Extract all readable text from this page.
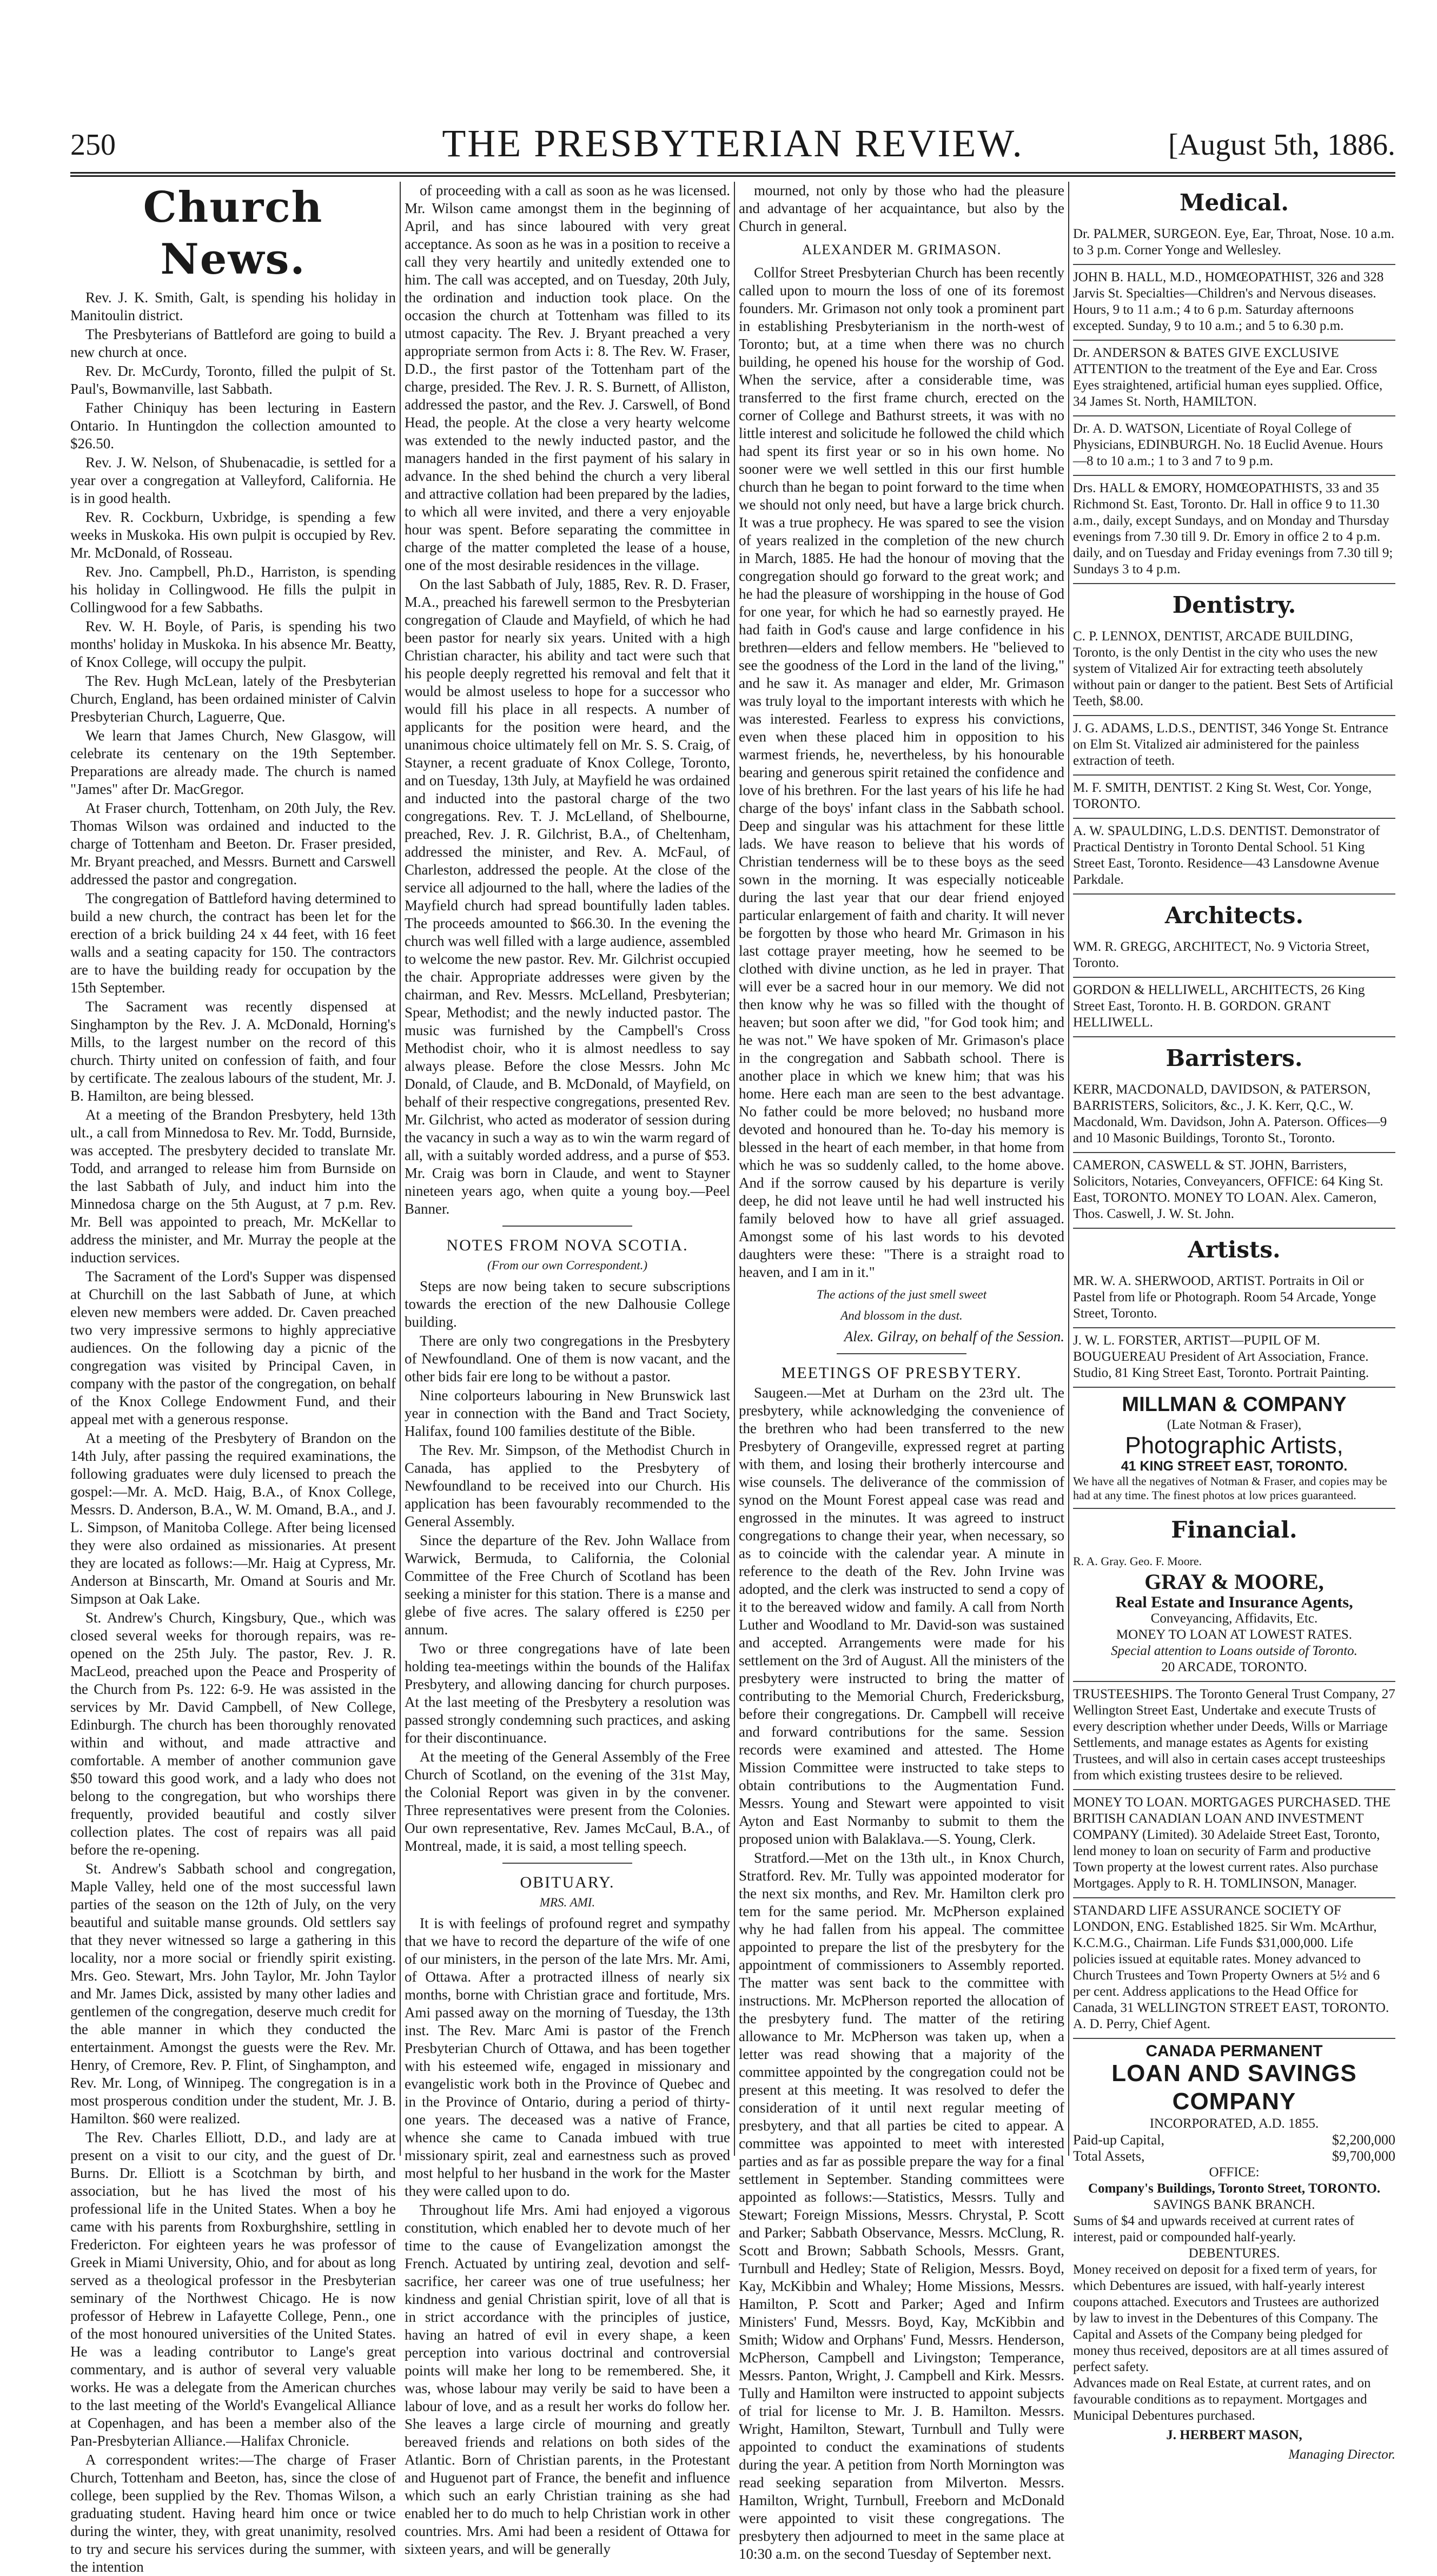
250	THE PRESBYTERIAN REVIEW.	[August 5th, 1886.
Church News.

Rev. J. K. Smith, Galt, is spending his holiday in Manitoulin district.

The Presbyterians of Battleford are going to build a new church at once.

Rev. Dr. McCurdy, Toronto, filled the pulpit of St. Paul's, Bowmanville, last Sabbath.

Father Chiniquy has been lecturing in Eastern Ontario. In Huntingdon the collection amounted to $26.50.

Rev. J. W. Nelson, of Shubenacadie, is settled for a year over a congregation at Valleyford, California. He is in good health.

Rev. R. Cockburn, Uxbridge, is spending a few weeks in Muskoka. His own pulpit is occupied by Rev. Mr. McDonald, of Rosseau.

Rev. Jno. Campbell, Ph.D., Harriston, is spending his holiday in Collingwood. He fills the pulpit in Collingwood for a few Sabbaths.

Rev. W. H. Boyle, of Paris, is spending his two months' holiday in Muskoka. In his absence Mr. Beatty, of Knox College, will occupy the pulpit.

The Rev. Hugh McLean, lately of the Presbyterian Church, England, has been ordained minister of Calvin Presbyterian Church, Laguerre, Que.

We learn that James Church, New Glasgow, will celebrate its centenary on the 19th September. Preparations are already made. The church is named "James" after Dr. MacGregor.

At Fraser church, Tottenham, on 20th July, the Rev. Thomas Wilson was ordained and inducted to the charge of Tottenham and Beeton. Dr. Fraser presided, Mr. Bryant preached, and Messrs. Burnett and Carswell addressed the pastor and congregation.

The congregation of Battleford having determined to build a new church, the contract has been let for the erection of a brick building 24 x 44 feet, with 16 feet walls and a seating capacity for 150. The contractors are to have the building ready for occupation by the 15th September.

The Sacrament was recently dispensed at Singhampton by the Rev. J. A. McDonald, Horning's Mills, to the largest number on the record of this church. Thirty united on confession of faith, and four by certificate. The zealous labours of the student, Mr. J. B. Hamilton, are being blessed.

At a meeting of the Brandon Presbytery, held 13th ult., a call from Minnedosa to Rev. Mr. Todd, Burnside, was accepted. The presbytery decided to translate Mr. Todd, and arranged to release him from Burnside on the last Sabbath of July, and induct him into the Minnedosa charge on the 5th August, at 7 p.m. Rev. Mr. Bell was appointed to preach, Mr. McKellar to address the minister, and Mr. Murray the people at the induction services.

The Sacrament of the Lord's Supper was dispensed at Churchill on the last Sabbath of June, at which eleven new members were added. Dr. Caven preached two very impressive sermons to highly appreciative audiences. On the following day a picnic of the congregation was visited by Principal Caven, in company with the pastor of the congregation, on behalf of the Knox College Endowment Fund, and their appeal met with a generous response.

At a meeting of the Presbytery of Brandon on the 14th July, after passing the required examinations, the following graduates were duly licensed to preach the gospel:—Mr. A. McD. Haig, B.A., of Knox College, Messrs. D. Anderson, B.A., W. M. Omand, B.A., and J. L. Simpson, of Manitoba College. After being licensed they were also ordained as missionaries. At present they are located as follows:—Mr. Haig at Cypress, Mr. Anderson at Binscarth, Mr. Omand at Souris and Mr. Simpson at Oak Lake.

St. Andrew's Church, Kingsbury, Que., which was closed several weeks for thorough repairs, was re-opened on the 25th July. The pastor, Rev. J. R. MacLeod, preached upon the Peace and Prosperity of the Church from Ps. 122: 6-9. He was assisted in the services by Mr. David Campbell, of New College, Edinburgh. The church has been thoroughly renovated within and without, and made attractive and comfortable. A member of another communion gave $50 toward this good work, and a lady who does not belong to the congregation, but who worships there frequently, provided beautiful and costly silver collection plates. The cost of repairs was all paid before the re-opening.

St. Andrew's Sabbath school and congregation, Maple Valley, held one of the most successful lawn parties of the season on the 12th of July, on the very beautiful and suitable manse grounds. Old settlers say that they never witnessed so large a gathering in this locality, nor a more social or friendly spirit existing. Mrs. Geo. Stewart, Mrs. John Taylor, Mr. John Taylor and Mr. James Dick, assisted by many other ladies and gentlemen of the congregation, deserve much credit for the able manner in which they conducted the entertainment. Amongst the guests were the Rev. Mr. Henry, of Cremore, Rev. P. Flint, of Singhampton, and Rev. Mr. Long, of Winnipeg. The congregation is in a most prosperous condition under the student, Mr. J. B. Hamilton. $60 were realized.

The Rev. Charles Elliott, D.D., and lady are at present on a visit to our city, and the guest of Dr. Burns. Dr. Elliott is a Scotchman by birth, and association, but he has lived the most of his professional life in the United States. When a boy he came with his parents from Roxburghshire, settling in Fredericton. For eighteen years he was professor of Greek in Miami University, Ohio, and for about as long served as a theological professor in the Presbyterian seminary of the Northwest Chicago. He is now professor of Hebrew in Lafayette College, Penn., one of the most honoured universities of the United States. He was a leading contributor to Lange's great commentary, and is author of several very valuable works. He was a delegate from the American churches to the last meeting of the World's Evangelical Alliance at Copenhagen, and has been a member also of the Pan-Presbyterian Alliance.—Halifax Chronicle.

A correspondent writes:—The charge of Fraser Church, Tottenham and Beeton, has, since the close of college, been supplied by the Rev. Thomas Wilson, a graduating student. Having heard him once or twice during the winter, they, with great unanimity, resolved to try and secure his services during the summer, with the intention

of proceeding with a call as soon as he was licensed. Mr. Wilson came amongst them in the beginning of April, and has since laboured with very great acceptance. As soon as he was in a position to receive a call they very heartily and unitedly extended one to him. The call was accepted, and on Tuesday, 20th July, the ordination and induction took place. On the occasion the church at Tottenham was filled to its utmost capacity. The Rev. J. Bryant preached a very appropriate sermon from Acts i: 8. The Rev. W. Fraser, D.D., the first pastor of the Tottenham part of the charge, presided. The Rev. J. R. S. Burnett, of Alliston, addressed the pastor, and the Rev. J. Carswell, of Bond Head, the people. At the close a very hearty welcome was extended to the newly inducted pastor, and the managers handed in the first payment of his salary in advance. In the shed behind the church a very liberal and attractive collation had been prepared by the ladies, to which all were invited, and there a very enjoyable hour was spent. Before separating the committee in charge of the matter completed the lease of a house, one of the most desirable residences in the village.

On the last Sabbath of July, 1885, Rev. R. D. Fraser, M.A., preached his farewell sermon to the Presbyterian congregation of Claude and Mayfield, of which he had been pastor for nearly six years. United with a high Christian character, his ability and tact were such that his people deeply regretted his removal and felt that it would be almost useless to hope for a successor who would fill his place in all respects. A number of applicants for the position were heard, and the unanimous choice ultimately fell on Mr. S. S. Craig, of Stayner, a recent graduate of Knox College, Toronto, and on Tuesday, 13th July, at Mayfield he was ordained and inducted into the pastoral charge of the two congregations. Rev. T. J. McLelland, of Shelbourne, preached, Rev. J. R. Gilchrist, B.A., of Cheltenham, addressed the minister, and Rev. A. McFaul, of Charleston, addressed the people. At the close of the service all adjourned to the hall, where the ladies of the Mayfield church had spread bountifully laden tables. The proceeds amounted to $66.30. In the evening the church was well filled with a large audience, assembled to welcome the new pastor. Rev. Mr. Gilchrist occupied the chair. Appropriate addresses were given by the chairman, and Rev. Messrs. McLelland, Presbyterian; Spear, Methodist; and the newly inducted pastor. The music was furnished by the Campbell's Cross Methodist choir, who it is almost needless to say always please. Before the close Messrs. John Mc Donald, of Claude, and B. McDonald, of Mayfield, on behalf of their respective congregations, presented Rev. Mr. Gilchrist, who acted as moderator of session during the vacancy in such a way as to win the warm regard of all, with a suitably worded address, and a purse of $53. Mr. Craig was born in Claude, and went to Stayner nineteen years ago, when quite a young boy.—Peel Banner.

NOTES FROM NOVA SCOTIA.
(From our own Correspondent.)

Steps are now being taken to secure subscriptions towards the erection of the new Dalhousie College building.

There are only two congregations in the Presbytery of Newfoundland. One of them is now vacant, and the other bids fair ere long to be without a pastor.

Nine colporteurs labouring in New Brunswick last year in connection with the Band and Tract Society, Halifax, found 100 families destitute of the Bible.

The Rev. Mr. Simpson, of the Methodist Church in Canada, has applied to the Presbytery of Newfoundland to be received into our Church. His application has been favourably recommended to the General Assembly.

Since the departure of the Rev. John Wallace from Warwick, Bermuda, to California, the Colonial Committee of the Free Church of Scotland has been seeking a minister for this station. There is a manse and glebe of five acres. The salary offered is £250 per annum.

Two or three congregations have of late been holding tea-meetings within the bounds of the Halifax Presbytery, and allowing dancing for church purposes. At the last meeting of the Presbytery a resolution was passed strongly condemning such practices, and asking for their discontinuance.

At the meeting of the General Assembly of the Free Church of Scotland, on the evening of the 31st May, the Colonial Report was given in by the convener. Three representatives were present from the Colonies. Our own representative, Rev. James McCaul, B.A., of Montreal, made, it is said, a most telling speech.

OBITUARY.
MRS. AMI.

It is with feelings of profound regret and sympathy that we have to record the departure of the wife of one of our ministers, in the person of the late Mrs. Mr. Ami, of Ottawa. After a protracted illness of nearly six months, borne with Christian grace and fortitude, Mrs. Ami passed away on the morning of Tuesday, the 13th inst. The Rev. Marc Ami is pastor of the French Presbyterian Church of Ottawa, and has been together with his esteemed wife, engaged in missionary and evangelistic work both in the Province of Quebec and in the Province of Ontario, during a period of thirty-one years. The deceased was a native of France, whence she came to Canada imbued with true missionary spirit, zeal and earnestness such as proved most helpful to her husband in the work for the Master they were called upon to do.

Throughout life Mrs. Ami had enjoyed a vigorous constitution, which enabled her to devote much of her time to the cause of Evangelization amongst the French. Actuated by untiring zeal, devotion and self-sacrifice, her career was one of true usefulness; her kindness and genial Christian spirit, love of all that is in strict accordance with the principles of justice, having an hatred of evil in every shape, a keen perception into various doctrinal and controversial points will make her long to be remembered. She, it was, whose labour may verily be said to have been a labour of love, and as a result her works do follow her. She leaves a large circle of mourning and greatly bereaved friends and relations on both sides of the Atlantic. Born of Christian parents, in the Protestant and Huguenot part of France, the benefit and influence which such an early Christian training as she had enabled her to do much to help Christian work in other countries. Mrs. Ami had been a resident of Ottawa for sixteen years, and will be generally

mourned, not only by those who had the pleasure and advantage of her acquaintance, but also by the Church in general.

ALEXANDER M. GRIMASON.

Collfor Street Presbyterian Church has been recently called upon to mourn the loss of one of its foremost founders. Mr. Grimason not only took a prominent part in establishing Presbyterianism in the north-west of Toronto; but, at a time when there was no church building, he opened his house for the worship of God. When the service, after a considerable time, was transferred to the first frame church, erected on the corner of College and Bathurst streets, it was with no little interest and solicitude he followed the child which had spent its first year or so in his own home. No sooner were we well settled in this our first humble church than he began to point forward to the time when we should not only need, but have a large brick church. It was a true prophecy. He was spared to see the vision of years realized in the completion of the new church in March, 1885. He had the honour of moving that the congregation should go forward to the great work; and he had the pleasure of worshipping in the house of God for one year, for which he had so earnestly prayed. He had faith in God's cause and large confidence in his brethren—elders and fellow members. He "believed to see the goodness of the Lord in the land of the living," and he saw it. As manager and elder, Mr. Grimason was truly loyal to the important interests with which he was interested. Fearless to express his convictions, even when these placed him in opposition to his warmest friends, he, nevertheless, by his honourable bearing and generous spirit retained the confidence and love of his brethren. For the last years of his life he had charge of the boys' infant class in the Sabbath school. Deep and singular was his attachment for these little lads. We have reason to believe that his words of Christian tenderness will be to these boys as the seed sown in the morning. It was especially noticeable during the last year that our dear friend enjoyed particular enlargement of faith and charity. It will never be forgotten by those who heard Mr. Grimason in his last cottage prayer meeting, how he seemed to be clothed with divine unction, as he led in prayer. That will ever be a sacred hour in our memory. We did not then know why he was so filled with the thought of heaven; but soon after we did, "for God took him; and he was not." We have spoken of Mr. Grimason's place in the congregation and Sabbath school. There is another place in which we knew him; that was his home. Here each man are seen to the best advantage. No father could be more beloved; no husband more devoted and honoured than he. To-day his memory is blessed in the heart of each member, in that home from which he was so suddenly called, to the home above. And if the sorrow caused by his departure is verily deep, he did not leave until he had well instructed his family beloved how to have all grief assuaged. Amongst some of his last words to his devoted daughters were these: "There is a straight road to heaven, and I am in it."

The actions of the just smell sweet
And blossom in the dust.
Alex. Gilray, on behalf of the Session.
MEETINGS OF PRESBYTERY.

Saugeen.—Met at Durham on the 23rd ult. The presbytery, while acknowledging the convenience of the brethren who had been transferred to the new Presbytery of Orangeville, expressed regret at parting with them, and losing their brotherly intercourse and wise counsels. The deliverance of the commission of synod on the Mount Forest appeal case was read and engrossed in the minutes. It was agreed to instruct congregations to change their year, when necessary, so as to coincide with the calendar year. A minute in reference to the death of the Rev. John Irvine was adopted, and the clerk was instructed to send a copy of it to the bereaved widow and family. A call from North Luther and Woodland to Mr. David-son was sustained and accepted. Arrangements were made for his settlement on the 3rd of August. All the ministers of the presbytery were instructed to bring the matter of contributing to the Memorial Church, Fredericksburg, before their congregations. Dr. Campbell will receive and forward contributions for the same. Session records were examined and attested. The Home Mission Committee were instructed to take steps to obtain contributions to the Augmentation Fund. Messrs. Young and Stewart were appointed to visit Ayton and East Normanby to submit to them the proposed union with Balaklava.—S. Young, Clerk.

Stratford.—Met on the 13th ult., in Knox Church, Stratford. Rev. Mr. Tully was appointed moderator for the next six months, and Rev. Mr. Hamilton clerk pro tem for the same period. Mr. McPherson explained why he had fallen from his appeal. The committee appointed to prepare the list of the presbytery for the appointment of commissioners to Assembly reported. The matter was sent back to the committee with instructions. Mr. McPherson reported the allocation of the presbytery fund. The matter of the retiring allowance to Mr. McPherson was taken up, when a letter was read showing that a majority of the committee appointed by the congregation could not be present at this meeting. It was resolved to defer the consideration of it until next regular meeting of presbytery, and that all parties be cited to appear. A committee was appointed to meet with interested parties and as far as possible prepare the way for a final settlement in September. Standing committees were appointed as follows:—Statistics, Messrs. Tully and Stewart; Foreign Missions, Messrs. Chrystal, P. Scott and Parker; Sabbath Observance, Messrs. McClung, R. Scott and Brown; Sabbath Schools, Messrs. Grant, Turnbull and Hedley; State of Religion, Messrs. Boyd, Kay, McKibbin and Whaley; Home Missions, Messrs. Hamilton, P. Scott and Parker; Aged and Infirm Ministers' Fund, Messrs. Boyd, Kay, McKibbin and Smith; Widow and Orphans' Fund, Messrs. Henderson, McPherson, Campbell and Livingston; Temperance, Messrs. Panton, Wright, J. Campbell and Kirk. Messrs. Tully and Hamilton were instructed to appoint subjects of trial for license to Mr. J. B. Hamilton. Messrs. Wright, Hamilton, Stewart, Turnbull and Tully were appointed to conduct the examinations of students during the year. A petition from North Mornington was read seeking separation from Milverton. Messrs. Hamilton, Wright, Turnbull, Freeborn and McDonald were appointed to visit these congregations. The presbytery then adjourned to meet in the same place at 10:30 a.m. on the second Tuesday of September next.

Medical.
Dr. PALMER, SURGEON. Eye, Ear, Throat, Nose. 10 a.m. to 3 p.m. Corner Yonge and Wellesley.
JOHN B. HALL, M.D., HOMŒOPATHIST, 326 and 328 Jarvis St. Specialties—Children's and Nervous diseases. Hours, 9 to 11 a.m.; 4 to 6 p.m. Saturday afternoons excepted. Sunday, 9 to 10 a.m.; and 5 to 6.30 p.m.
Dr. ANDERSON & BATES GIVE EXCLUSIVE ATTENTION to the treatment of the Eye and Ear. Cross Eyes straightened, artificial human eyes supplied. Office, 34 James St. North, HAMILTON.
Dr. A. D. WATSON, Licentiate of Royal College of Physicians, EDINBURGH. No. 18 Euclid Avenue. Hours—8 to 10 a.m.; 1 to 3 and 7 to 9 p.m.
Drs. HALL & EMORY, HOMŒOPATHISTS, 33 and 35 Richmond St. East, Toronto. Dr. Hall in office 9 to 11.30 a.m., daily, except Sundays, and on Monday and Thursday evenings from 7.30 till 9. Dr. Emory in office 2 to 4 p.m. daily, and on Tuesday and Friday evenings from 7.30 till 9; Sundays 3 to 4 p.m.
Dentistry.
C. P. LENNOX, DENTIST, ARCADE BUILDING, Toronto, is the only Dentist in the city who uses the new system of Vitalized Air for extracting teeth absolutely without pain or danger to the patient. Best Sets of Artificial Teeth, $8.00.
J. G. ADAMS, L.D.S., DENTIST, 346 Yonge St. Entrance on Elm St. Vitalized air administered for the painless extraction of teeth.
M. F. SMITH, DENTIST. 2 King St. West, Cor. Yonge, TORONTO.
A. W. SPAULDING, L.D.S. DENTIST. Demonstrator of Practical Dentistry in Toronto Dental School. 51 King Street East, Toronto. Residence—43 Lansdowne Avenue Parkdale.
Architects.
WM. R. GREGG, ARCHITECT, No. 9 Victoria Street, Toronto.
GORDON & HELLIWELL, ARCHITECTS, 26 King Street East, Toronto. H. B. GORDON. GRANT HELLIWELL.
Barristers.
KERR, MACDONALD, DAVIDSON, & PATERSON, BARRISTERS, Solicitors, &c., J. K. Kerr, Q.C., W. Macdonald, Wm. Davidson, John A. Paterson. Offices—9 and 10 Masonic Buildings, Toronto St., Toronto.
CAMERON, CASWELL & ST. JOHN, Barristers, Solicitors, Notaries, Conveyancers, OFFICE: 64 King St. East, TORONTO. MONEY TO LOAN. Alex. Cameron, Thos. Caswell, J. W. St. John.
Artists.
MR. W. A. SHERWOOD, ARTIST. Portraits in Oil or Pastel from life or Photograph. Room 54 Arcade, Yonge Street, Toronto.
J. W. L. FORSTER, ARTIST—PUPIL OF M. BOUGUEREAU President of Art Association, France. Studio, 81 King Street East, Toronto. Portrait Painting.
MILLMAN & COMPANY
(Late Notman & Fraser),
Photographic Artists,
41 KING STREET EAST, TORONTO.
We have all the negatives of Notman & Fraser, and copies may be had at any time. The finest photos at low prices guaranteed.
Financial.
R. A. Gray. Geo. F. Moore.
GRAY & MOORE,
Real Estate and Insurance Agents,
Conveyancing, Affidavits, Etc.
MONEY TO LOAN AT LOWEST RATES.
Special attention to Loans outside of Toronto.
20 ARCADE, TORONTO.
TRUSTEESHIPS. The Toronto General Trust Company, 27 Wellington Street East, Undertake and execute Trusts of every description whether under Deeds, Wills or Marriage Settlements, and manage estates as Agents for existing Trustees, and will also in certain cases accept trusteeships from which existing trustees desire to be relieved.
MONEY TO LOAN. MORTGAGES PURCHASED. THE BRITISH CANADIAN LOAN AND INVESTMENT COMPANY (Limited). 30 Adelaide Street East, Toronto, lend money to loan on security of Farm and productive Town property at the lowest current rates. Also purchase Mortgages. Apply to R. H. TOMLINSON, Manager.
STANDARD LIFE ASSURANCE SOCIETY OF LONDON, ENG. Established 1825. Sir Wm. McArthur, K.C.M.G., Chairman. Life Funds $31,000,000. Life policies issued at equitable rates. Money advanced to Church Trustees and Town Property Owners at 5½ and 6 per cent. Address applications to the Head Office for Canada, 31 WELLINGTON STREET EAST, TORONTO. A. D. Perry, Chief Agent.
CANADA PERMANENT
LOAN AND SAVINGS COMPANY
INCORPORATED, A.D. 1855.
Paid-up Capital,	$2,200,000
Total Assets,	$9,700,000
OFFICE:
Company's Buildings, Toronto Street, TORONTO.
SAVINGS BANK BRANCH.
Sums of $4 and upwards received at current rates of interest, paid or compounded half-yearly.
DEBENTURES.
Money received on deposit for a fixed term of years, for which Debentures are issued, with half-yearly interest coupons attached. Executors and Trustees are authorized by law to invest in the Debentures of this Company. The Capital and Assets of the Company being pledged for money thus received, depositors are at all times assured of perfect safety.
Advances made on Real Estate, at current rates, and on favourable conditions as to repayment. Mortgages and Municipal Debentures purchased.
J. HERBERT MASON,
Managing Director.
